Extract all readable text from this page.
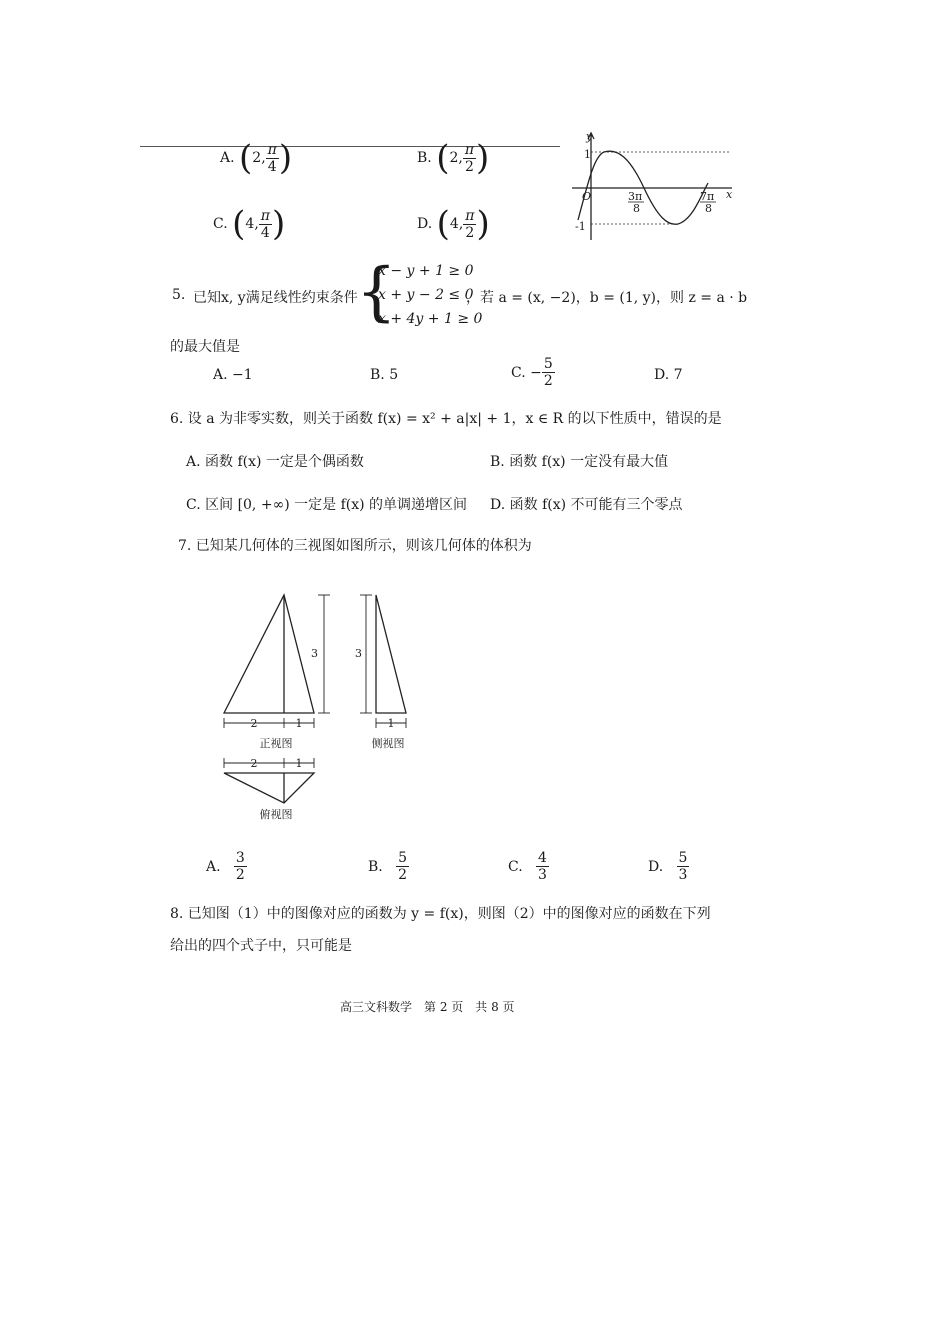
A.
( 2 , $\frac{\pi}{4}$ )	B.
( 2 , $\frac{\pi}{2}$ )
C.
( 4 , $\frac{\pi}{4}$ )	D.
( 4 , $\frac{\pi}{2}$ )
y
x
1
-1
O	3π
8
7π
8
5. 已知x, y满足线性约束条件
{
x − y + 1 ≥ 0
x + y − 2 ≤ 0
x + 4y + 1 ≥ 0
，若 a = (x, −2)，b = (1, y)，则 z = a · b
的最大值是
A. −1	B. 5	C.
− $\frac{5}{2}$	D. 7
6. 设 a 为非零实数，则关于函数 f(x) = x² + a|x| + 1，x ∈ R 的以下性质中，错误的是
A. 函数 f(x) 一定是个偶函数	B. 函数 f(x) 一定没有最大值
C. 区间 [0, +∞) 一定是 f(x) 的单调递增区间 D. 函数 f(x) 不可能有三个零点
7. 已知某几何体的三视图如图所示，则该几何体的体积为
3
2	1
3
1
2	1
正视图	侧视图
俯视图
A.
$\frac{3}{2}$	B.
$\frac{5}{2}$	C.
$\frac{4}{3}$	D.
$\frac{5}{3}$
8. 已知图（1）中的图像对应的函数为 y = f(x)，则图（2）中的图像对应的函数在下列
给出的四个式子中，只可能是
高三文科数学　第 2 页　共 8 页
